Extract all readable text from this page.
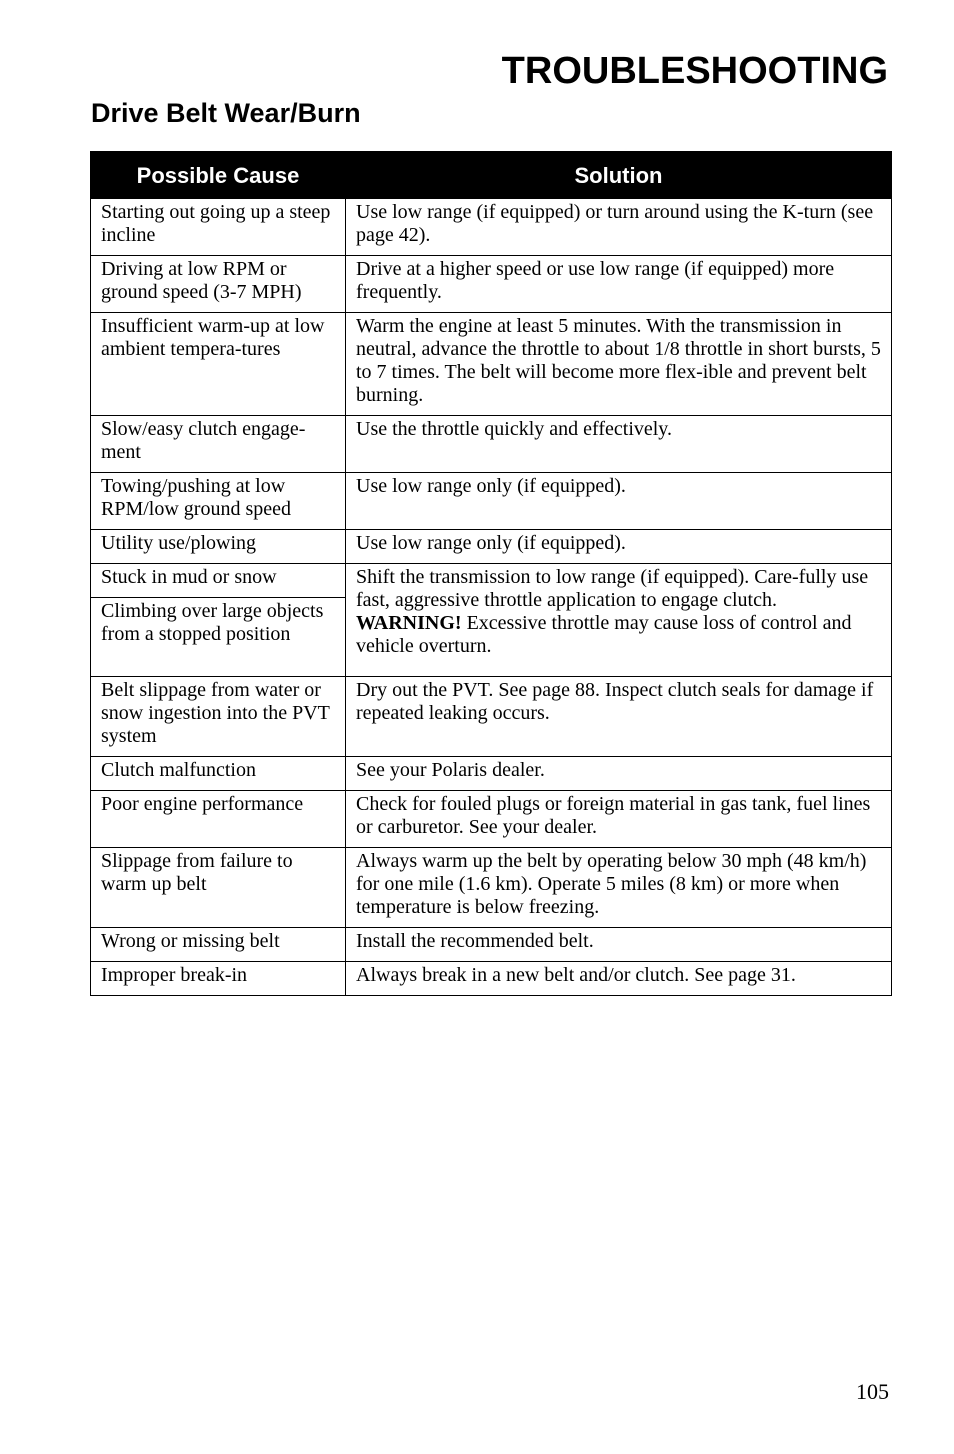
TROUBLESHOOTING
Drive Belt Wear/Burn
Possible Cause	Solution
Starting out going up a steep incline	Use low range (if equipped) or turn around using the K-turn (see page 42).
Driving at low RPM or ground speed (3-7 MPH)	Drive at a higher speed or use low range (if equipped) more frequently.
Insufficient warm-up at low ambient tempera-tures	Warm the engine at least 5 minutes. With the transmission in neutral, advance the throttle to about 1/8 throttle in short bursts, 5 to 7 times. The belt will become more flex-ible and prevent belt burning.
Slow/easy clutch engage-ment	Use the throttle quickly and effectively.
Towing/pushing at low RPM/low ground speed	Use low range only (if equipped).
Utility use/plowing	Use low range only (if equipped).
Stuck in mud or snow	Shift the transmission to low range (if equipped). Care-fully use fast, aggressive throttle application to engage clutch. WARNING! Excessive throttle may cause loss of control and vehicle overturn.
Climbing over large objects from a stopped position	
Belt slippage from water or snow ingestion into the PVT system	Dry out the PVT. See page 88. Inspect clutch seals for damage if repeated leaking occurs.
Clutch malfunction	See your Polaris dealer.
Poor engine performance	Check for fouled plugs or foreign material in gas tank, fuel lines or carburetor. See your dealer.
Slippage from failure to warm up belt	Always warm up the belt by operating below 30 mph (48 km/h) for one mile (1.6 km). Operate 5 miles (8 km) or more when temperature is below freezing.
Wrong or missing belt	Install the recommended belt.
Improper break-in	Always break in a new belt and/or clutch. See page 31.
105
